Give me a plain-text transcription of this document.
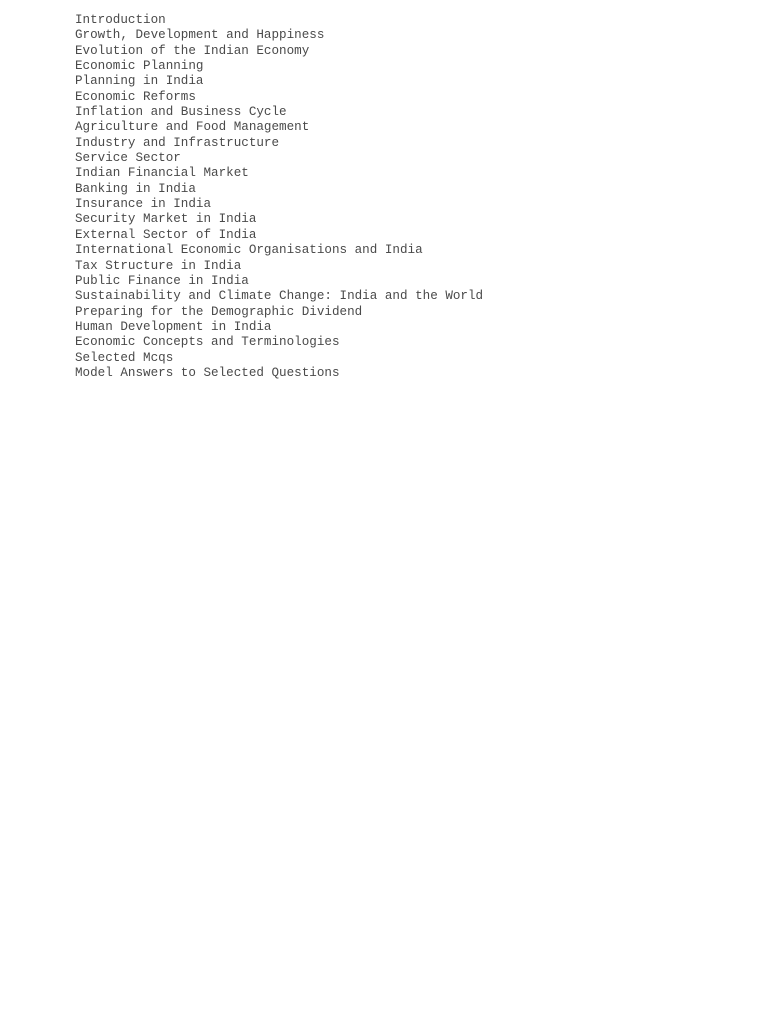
Introduction
Growth, Development and Happiness
Evolution of the Indian Economy
Economic Planning
Planning in India
Economic Reforms
Inflation and Business Cycle
Agriculture and Food Management
Industry and Infrastructure
Service Sector
Indian Financial Market
Banking in India
Insurance in India
Security Market in India
External Sector of India
International Economic Organisations and India
Tax Structure in India
Public Finance in India
Sustainability and Climate Change: India and the World
Preparing for the Demographic Dividend
Human Development in India
Economic Concepts and Terminologies
Selected Mcqs
Model Answers to Selected Questions
